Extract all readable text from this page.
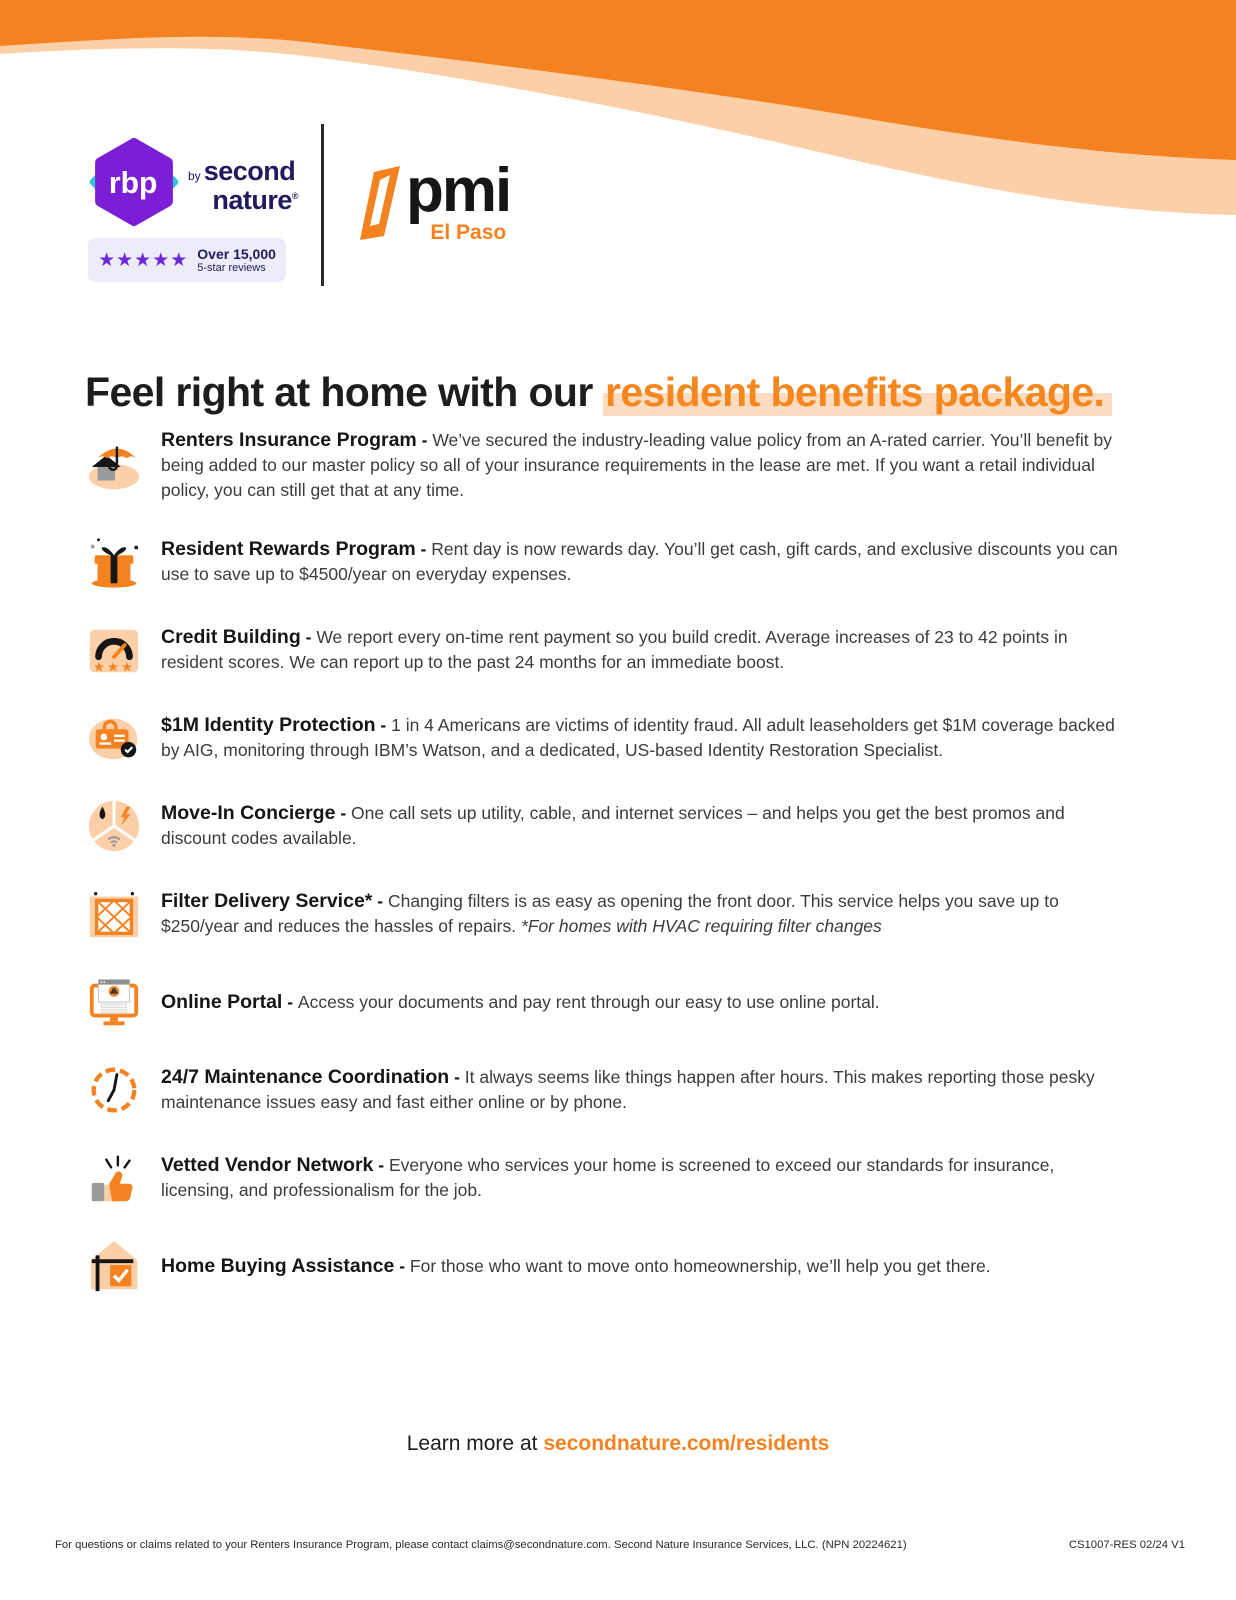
rbp	by second
nature®
★★★★★ Over 15,000
5-star reviews
pmi
El Paso
Feel right at home with our resident benefits package.

Renters Insurance Program - We’ve secured the industry-leading value policy from an A-rated carrier. You’ll benefit by being added to our master policy so all of your insurance requirements in the lease are met. If you want a retail individual policy, you can still get that at any time.

Resident Rewards Program - Rent day is now rewards day. You’ll get cash, gift cards, and exclusive discounts you can use to save up to $4500/year on everyday expenses.

★★★

Credit Building - We report every on-time rent payment so you build credit. Average increases of 23 to 42 points in resident scores. We can report up to the past 24 months for an immediate boost.

$1M Identity Protection - 1 in 4 Americans are victims of identity fraud. All adult leaseholders get $1M coverage backed by AIG, monitoring through IBM’s Watson, and a dedicated, US-based Identity Restoration Specialist.

Move-In Concierge - One call sets up utility, cable, and internet services – and helps you get the best promos and discount codes available.

Filter Delivery Service* - Changing filters is as easy as opening the front door. This service helps you save up to $250/year and reduces the hassles of repairs. *For homes with HVAC requiring filter changes

Online Portal - Access your documents and pay rent through our easy to use online portal.

24/7 Maintenance Coordination - It always seems like things happen after hours. This makes reporting those pesky maintenance issues easy and fast either online or by phone.

Vetted Vendor Network - Everyone who services your home is screened to exceed our standards for insurance, licensing, and professionalism for the job.

Home Buying Assistance - For those who want to move onto homeownership, we’ll help you get there.

Learn more at secondnature.com/residents
For questions or claims related to your Renters Insurance Program, please contact claims@secondnature.com. Second Nature Insurance Services, LLC. (NPN 20224621)	CS1007-RES 02/24 V1
